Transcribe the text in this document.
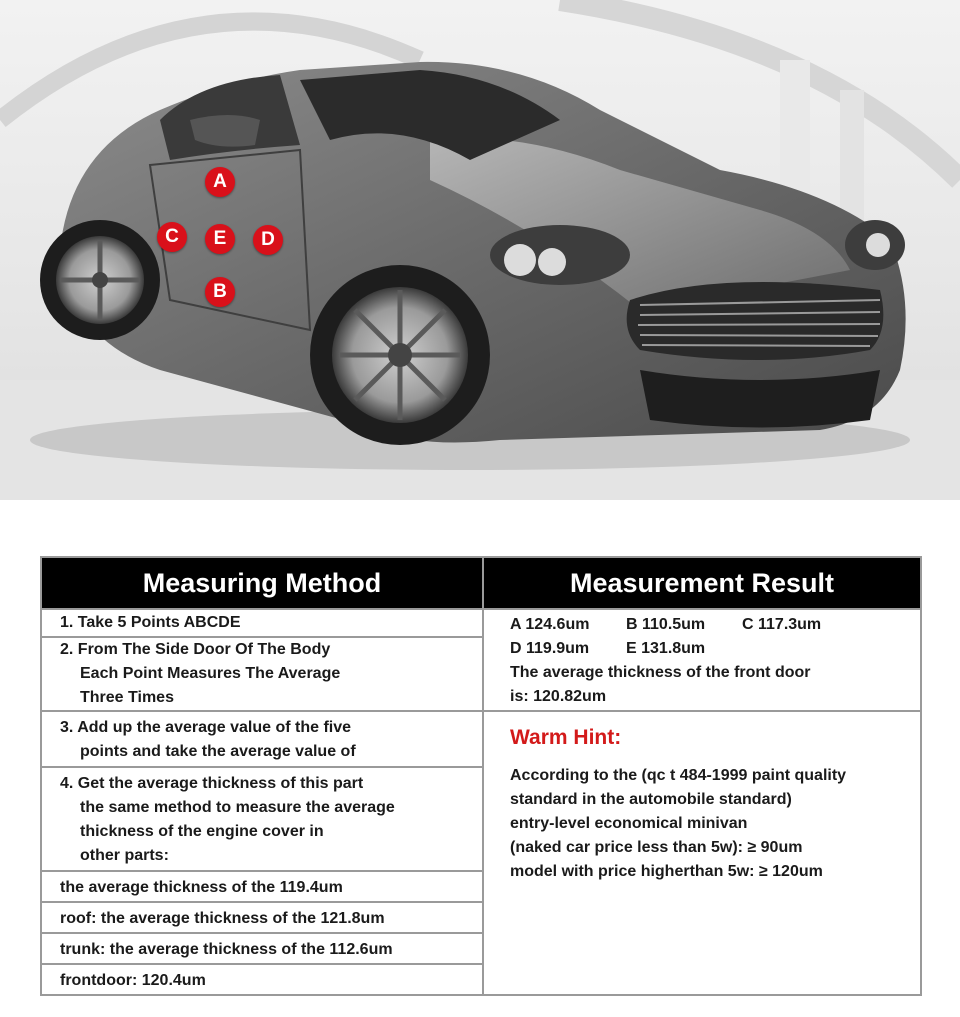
A
C	E	D
B
Measuring Method
1. Take 5 Points ABCDE
2. From The Side Door Of The Body
Each Point Measures The Average
Three Times
3. Add up the average value of the five
points and take the average value of
4. Get the average thickness of this part
the same method to measure the average
thickness of the engine cover in
other parts:
the average thickness of the 119.4um
roof: the average thickness of the 121.8um
trunk: the average thickness of the 112.6um
frontdoor: 120.4um
Measurement Result
A 124.6um B 110.5um C 117.3um
D 119.9um E 131.8um
The average thickness of the front door
is: 120.82um
Warm Hint:
According to the (qc t 484-1999 paint quality
standard in the automobile standard)
entry-level economical minivan
(naked car price less than 5w): ≥ 90um
model with price higherthan 5w: ≥ 120um
